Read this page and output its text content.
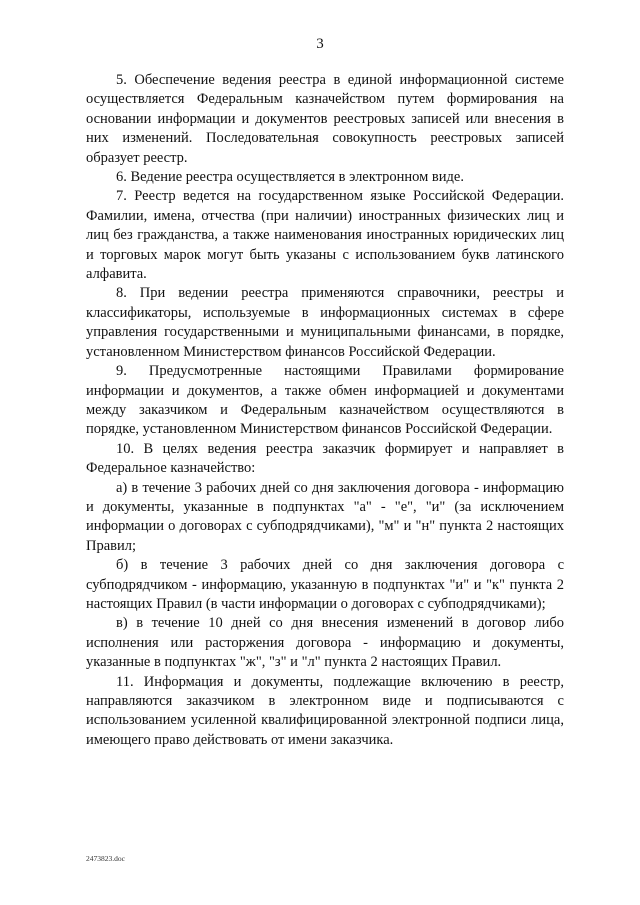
3

5. Обеспечение ведения реестра в единой информационной системе осуществляется Федеральным казначейством путем формирования на основании информации и документов реестровых записей или внесения в них изменений. Последовательная совокупность реестровых записей образует реестр.

6. Ведение реестра осуществляется в электронном виде.

7. Реестр ведется на государственном языке Российской Федерации. Фамилии, имена, отчества (при наличии) иностранных физических лиц и лиц без гражданства, а также наименования иностранных юридических лиц и торговых марок могут быть указаны с использованием букв латинского алфавита.

8. При ведении реестра применяются справочники, реестры и классификаторы, используемые в информационных системах в сфере управления государственными и муниципальными финансами, в порядке, установленном Министерством финансов Российской Федерации.

9. Предусмотренные настоящими Правилами формирование информации и документов, а также обмен информацией и документами между заказчиком и Федеральным казначейством осуществляются в порядке, установленном Министерством финансов Российской Федерации.

10. В целях ведения реестра заказчик формирует и направляет в Федеральное казначейство:

а) в течение 3 рабочих дней со дня заключения договора - информацию и документы, указанные в подпунктах "а" - "е", "и" (за исключением информации о договорах с субподрядчиками), "м" и "н" пункта 2 настоящих Правил;

б) в течение 3 рабочих дней со дня заключения договора с субподрядчиком - информацию, указанную в подпунктах "и" и "к" пункта 2 настоящих Правил (в части информации о договорах с субподрядчиками);

в) в течение 10 дней со дня внесения изменений в договор либо исполнения или расторжения договора - информацию и документы, указанные в подпунктах "ж", "з" и "л" пункта 2 настоящих Правил.

11. Информация и документы, подлежащие включению в реестр, направляются заказчиком в электронном виде и подписываются с использованием усиленной квалифицированной электронной подписи лица, имеющего право действовать от имени заказчика.

2473823.doc
